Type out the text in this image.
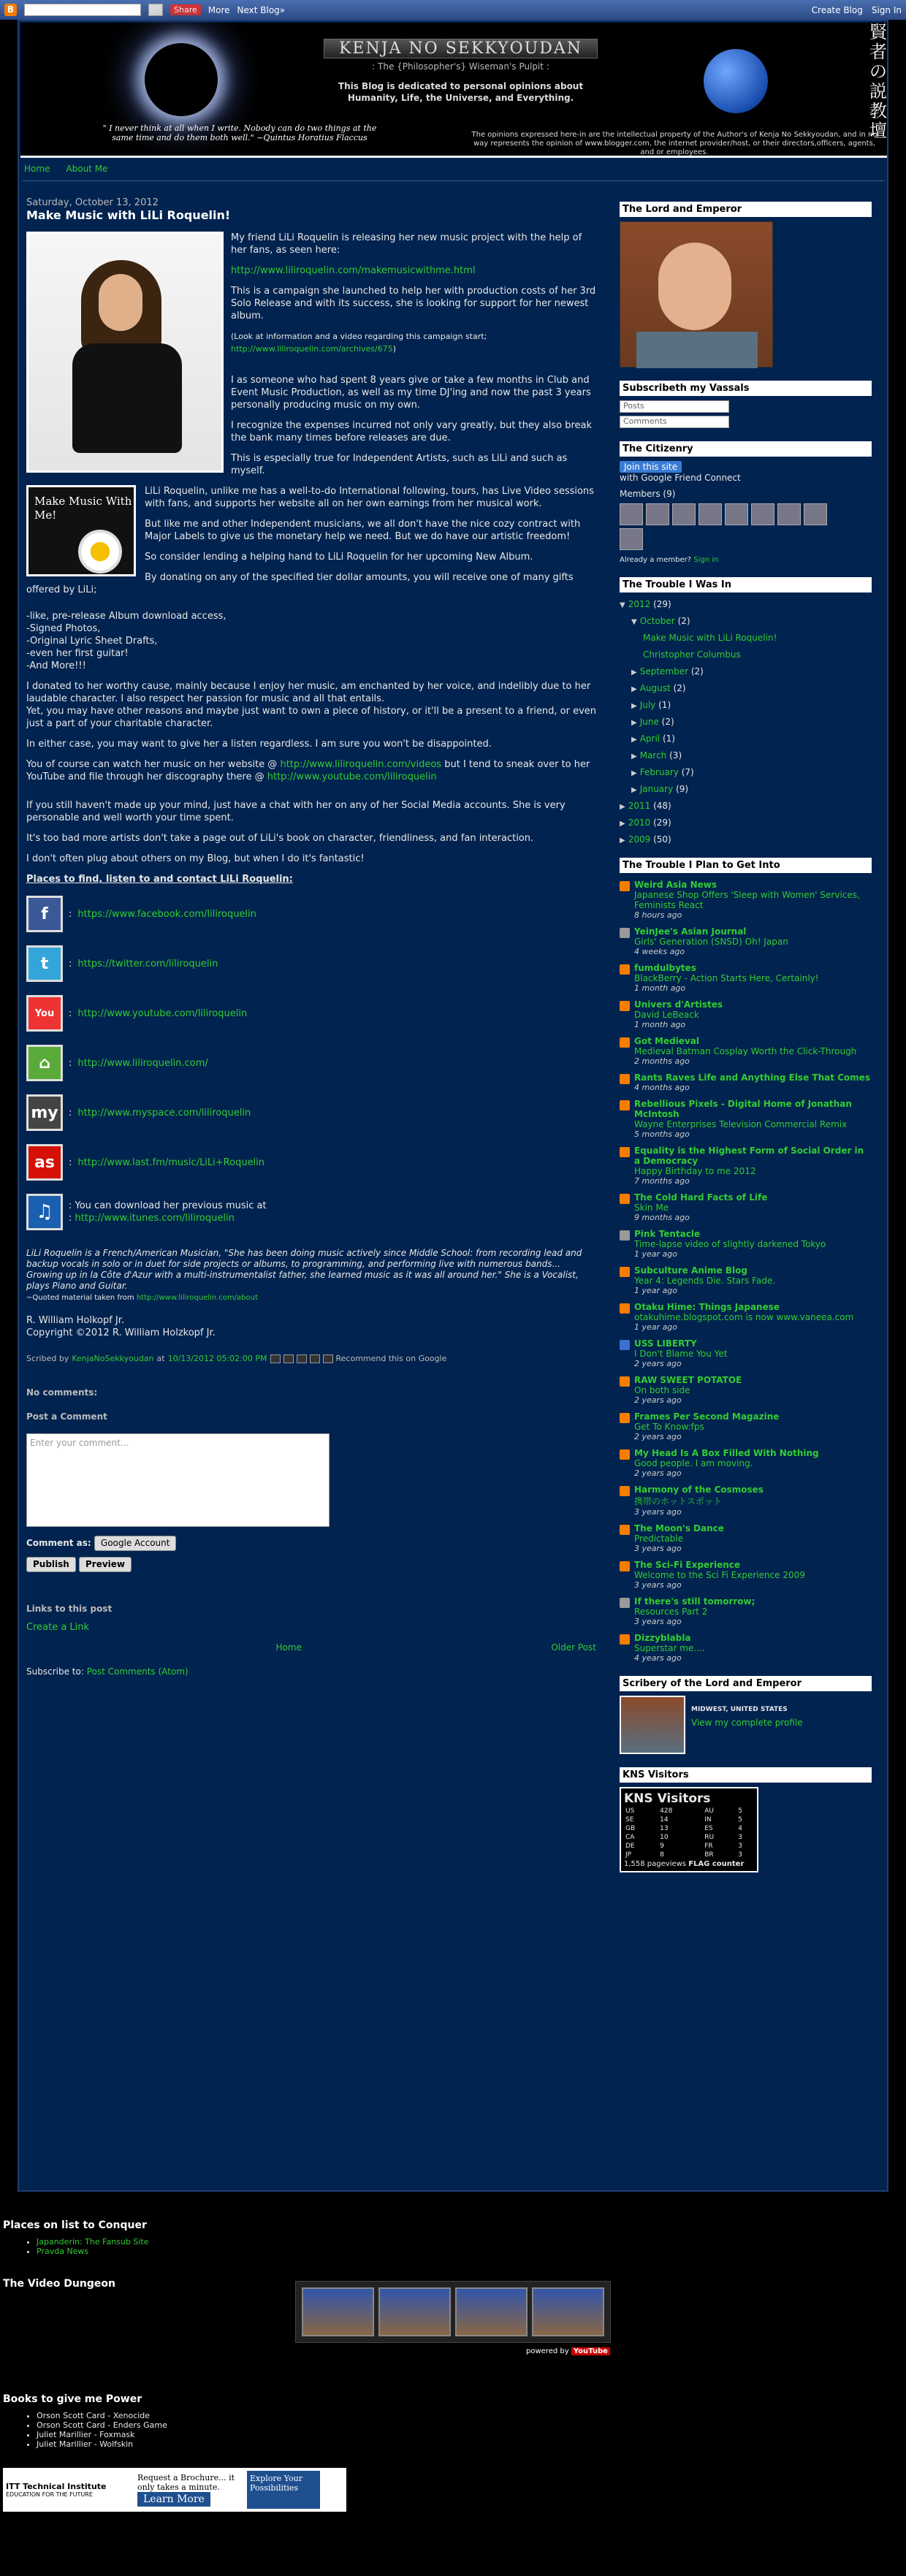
B	Share	More Next Blog»	Create Blog Sign In
KENJA NO SEKKYOUDAN
: The {Philosopher's} Wiseman's Pulpit :
This Blog is dedicated to personal opinions about Humanity, Life, the Universe, and Everything.
" I never think at all when I write. Nobody can do two things at the same time and do them both well." ~Quintus Horatius Flaccus	The opinions expressed here-in are the intellectual property of the Author's of Kenja No Sekkyoudan, and in no way represents the opinion of www.blogger.com, the internet provider/host, or their directors,officers, agents, and or employees.
賢者の説教壇
Home About Me
Saturday, October 13, 2012
Make Music with LiLi Roquelin!

My friend LiLi Roquelin is releasing her new music project with the help of her fans, as seen here:

http://www.liliroquelin.com/makemusicwithme.html

This is a campaign she launched to help her with production costs of her 3rd Solo Release and with its success, she is looking for support for her newest album.

(Look at information and a video regarding this campaign start;
http://www.liliroquelin.com/archives/675)

I as someone who had spent 8 years give or take a few months in Club and Event Music Production, as well as my time DJ'ing and now the past 3 years personally producing music on my own.

I recognize the expenses incurred not only vary greatly, but they also break the bank many times before releases are due.

This is especially true for Independent Artists, such as LiLi and such as myself.

Make Music With Me!

LiLi Roquelin, unlike me has a well-to-do International following, tours, has Live Video sessions with fans, and supports her website all on her own earnings from her musical work.

But like me and other Independent musicians, we all don't have the nice cozy contract with Major Labels to give us the monetary help we need. But we do have our artistic freedom!

So consider lending a helping hand to LiLi Roquelin for her upcoming New Album.

By donating on any of the specified tier dollar amounts, you will receive one of many gifts offered by LiLi;

-like, pre-release Album download access,
-Signed Photos,
-Original Lyric Sheet Drafts,
-even her first guitar!
-And More!!!

I donated to her worthy cause, mainly because I enjoy her music, am enchanted by her voice, and indelibly due to her laudable character. I also respect her passion for music and all that entails.
Yet, you may have other reasons and maybe just want to own a piece of history, or it'll be a present to a friend, or even just a part of your charitable character.

In either case, you may want to give her a listen regardless. I am sure you won't be disappointed.

You of course can watch her music on her website @ http://www.liliroquelin.com/videos but I tend to sneak over to her YouTube and file through her discography there @ http://www.youtube.com/liliroquelin

If you still haven't made up your mind, just have a chat with her on any of her Social Media accounts. She is very personable and well worth your time spent.

It's too bad more artists don't take a page out of LiLi's book on character, friendliness, and fan interaction.

I don't often plug about others on my Blog, but when I do it's fantastic!

Places to find, listen to and contact LiLi Roquelin:

f	: https://www.facebook.com/liliroquelin
t	: https://twitter.com/liliroquelin
You	: http://www.youtube.com/liliroquelin
⌂	: http://www.liliroquelin.com/
my	: http://www.myspace.com/liliroquelin
as	: http://www.last.fm/music/LiLi+Roquelin
♫	: You can download her previous music at
: http://www.itunes.com/liliroquelin
LiLi Roquelin is a French/American Musician, "She has been doing music actively since Middle School: from recording lead and backup vocals in solo or in duet for side projects or albums, to programming, and performing live with numerous bands... Growing up in la Côte d'Azur with a multi-instrumentalist father, she learned music as it was all around her." She is a Vocalist, plays Piano and Guitar.
~Quoted material taken from http://www.liliroquelin.com/about

R. William Holkopf Jr.

Copyright ©2012 R. William Holzkopf Jr.

Scribed by KenjaNoSekkyoudan at 10/13/2012 05:02:00 PM	Recommend this on Google
No comments:
Post a Comment
Enter your comment...
Comment as: Google Account
Publish Preview
Links to this post

Create a Link

Home	Older Post

Subscribe to: Post Comments (Atom)

The Lord and Emperor
Subscribeth my Vassals
Posts
Comments
The Citizenry
Join this site
with Google Friend Connect
Members (9)
Already a member? Sign in
The Trouble I Was In
▼ 2012 (29)
▼ October (2)
Make Music with LiLi Roquelin!
Christopher Columbus
▶ September (2)
▶ August (2)
▶ July (1)
▶ June (2)
▶ April (1)
▶ March (3)
▶ February (7)
▶ January (9)
▶ 2011 (48)
▶ 2010 (29)
▶ 2009 (50)
The Trouble I Plan to Get Into
Weird Asia News
Japanese Shop Offers 'Sleep with Women' Services, Feminists React
8 hours ago
YeinJee's Asian Journal
Girls' Generation (SNSD) Oh! Japan
4 weeks ago
fumdulbytes
BlackBerry - Action Starts Here, Certainly!
1 month ago
Univers d'Artistes
David LeBeack
1 month ago
Got Medieval
Medieval Batman Cosplay Worth the Click-Through
2 months ago
Rants Raves Life and Anything Else That Comes
4 months ago
Rebellious Pixels - Digital Home of Jonathan McIntosh
Wayne Enterprises Television Commercial Remix
5 months ago
Equality is the Highest Form of Social Order in a Democracy
Happy Birthday to me 2012
7 months ago
The Cold Hard Facts of Life
Skin Me
9 months ago
Pink Tentacle
Time-lapse video of slightly darkened Tokyo
1 year ago
Subculture Anime Blog
Year 4: Legends Die. Stars Fade.
1 year ago
Otaku Hime: Things Japanese
otakuhime.blogspot.com is now www.vaneea.com
1 year ago
USS LIBERTY
I Don't Blame You Yet
2 years ago
RAW SWEET POTATOE
On both side
2 years ago
Frames Per Second Magazine
Get To Know:fps
2 years ago
My Head Is A Box Filled With Nothing
Good people. I am moving.
2 years ago
Harmony of the Cosmoses
携帯のホットスポット
3 years ago
The Moon's Dance
Predictable
3 years ago
The Sci-Fi Experience
Welcome to the Sci Fi Experience 2009
3 years ago
If there's still tomorrow;
Resources Part 2
3 years ago
Dizzyblabla
Superstar me....
4 years ago
Scribery of the Lord and Emperor
MIDWEST, UNITED STATES
View my complete profile
KNS Visitors
KNS Visitors
US	428	AU	5
SE	14	IN	5
GB	13	ES	4
CA	10	RU	3
DE	9	FR	3
JP	8	BR	3
1,558 pageviews FLAG counter
Places on list to Conquer
• Japanderin: The Fansub Site
• Pravda News
The Video Dungeon
Books to give me Power
• Orson Scott Card - Xenocide
• Orson Scott Card - Enders Game
• Juliet Marillier - Foxmask
• Juliet Marillier - Wolfskin
powered by YouTube
ITT Technical Institute
EDUCATION FOR THE FUTURE
Request a Brochure... it only takes a minute.
Learn More
Explore Your Possibilities
